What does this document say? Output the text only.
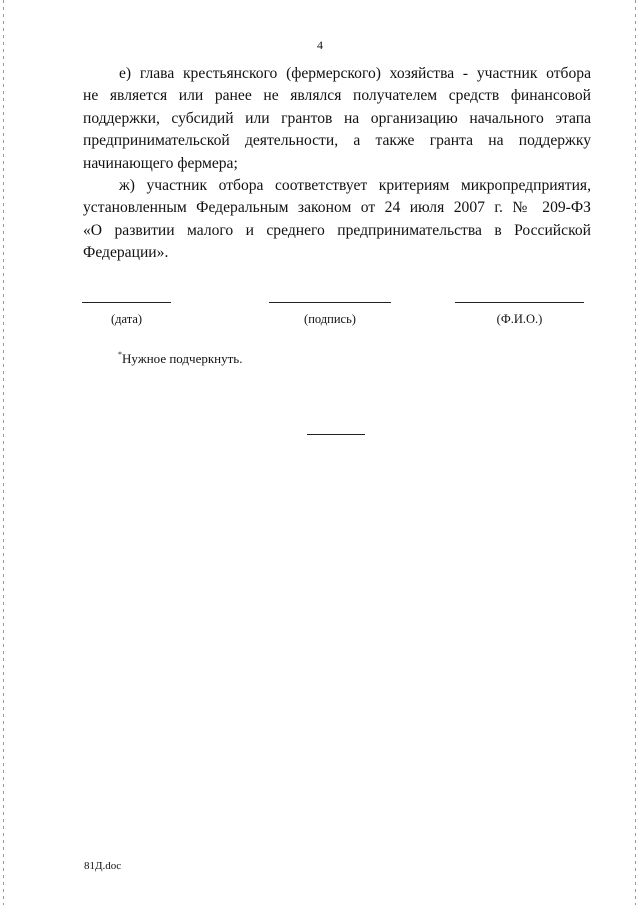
4
е) глава крестьянского (фермерского) хозяйства - участник отбора
не является или ранее не являлся получателем средств финансовой
поддержки, субсидий или грантов на организацию начального этапа
предпринимательской деятельности, а также гранта на поддержку
начинающего фермера;
ж) участник отбора соответствует критериям микропредприятия,
установленным Федеральным законом от 24 июля 2007 г. № 209-ФЗ
«О развитии малого и среднего предпринимательства в Российской
Федерации».
(дата)	(подпись)	(Ф.И.О.)
*Нужное подчеркнуть.
81Д.doc
